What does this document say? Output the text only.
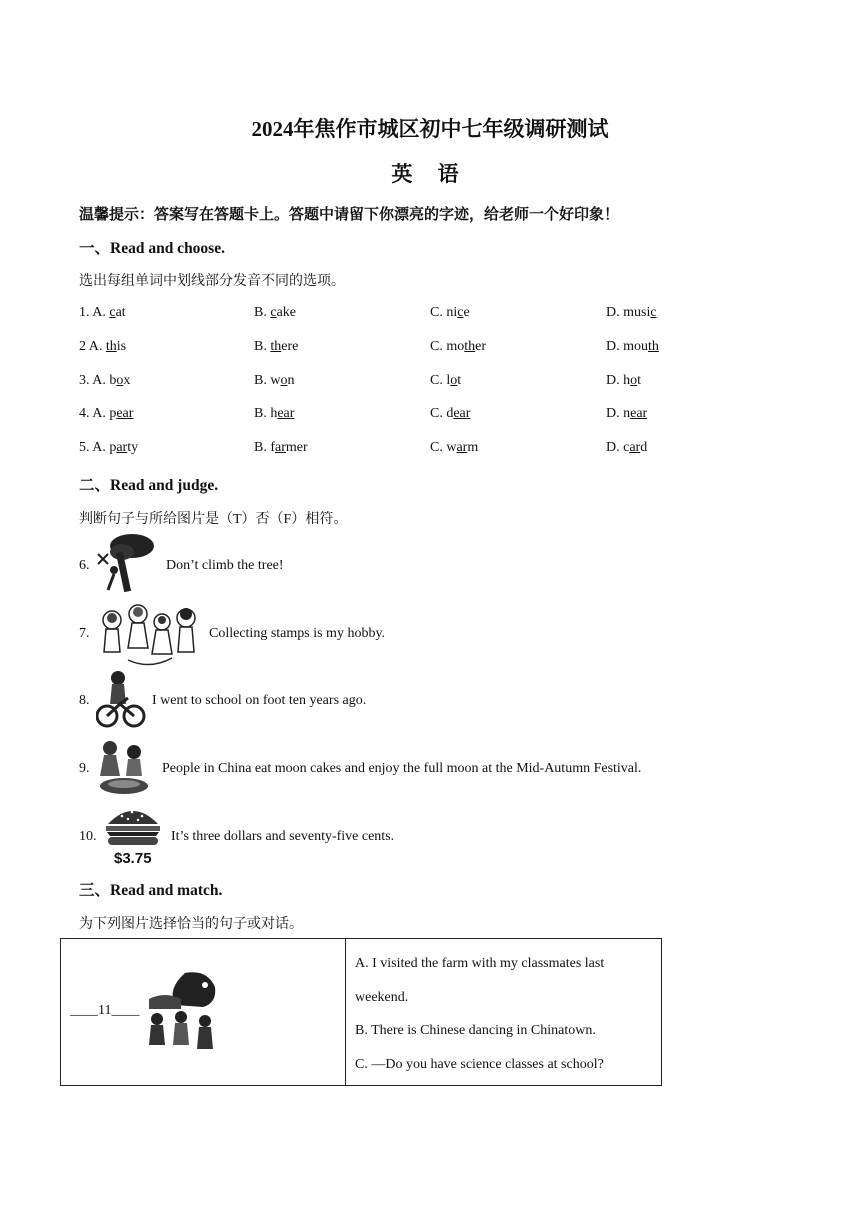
2024年焦作市城区初中七年级调研测试
英 语
温馨提示：答案写在答题卡上。答题中请留下你漂亮的字迹，给老师一个好印象！
一、Read and choose.
选出每组单词中划线部分发音不同的选项。
1. A. cat	B. cake	C. nice	D. music
2 A. this	B. there	C. mother	D. mouth
3. A. box	B. won	C. lot	D. hot
4. A. pear	B. hear	C. dear	D. near
5. A. party	B. farmer	C. warm	D. card
二、Read and judge.
判断句子与所给图片是（T）否（F）相符。
6.	Don’t climb the tree!
7.	Collecting stamps is my hobby.
8.	I went to school on foot ten years ago.
9.	People in China eat moon cakes and enjoy the full moon at the Mid-Autumn Festival.
10.
$3.75
It’s three dollars and seventy-five cents.
三、Read and match.
为下列图片选择恰当的句子或对话。
____11____

A. I visited the farm with my classmates last
weekend.
B. There is Chinese dancing in Chinatown.
C. —Do you have science classes at school?
